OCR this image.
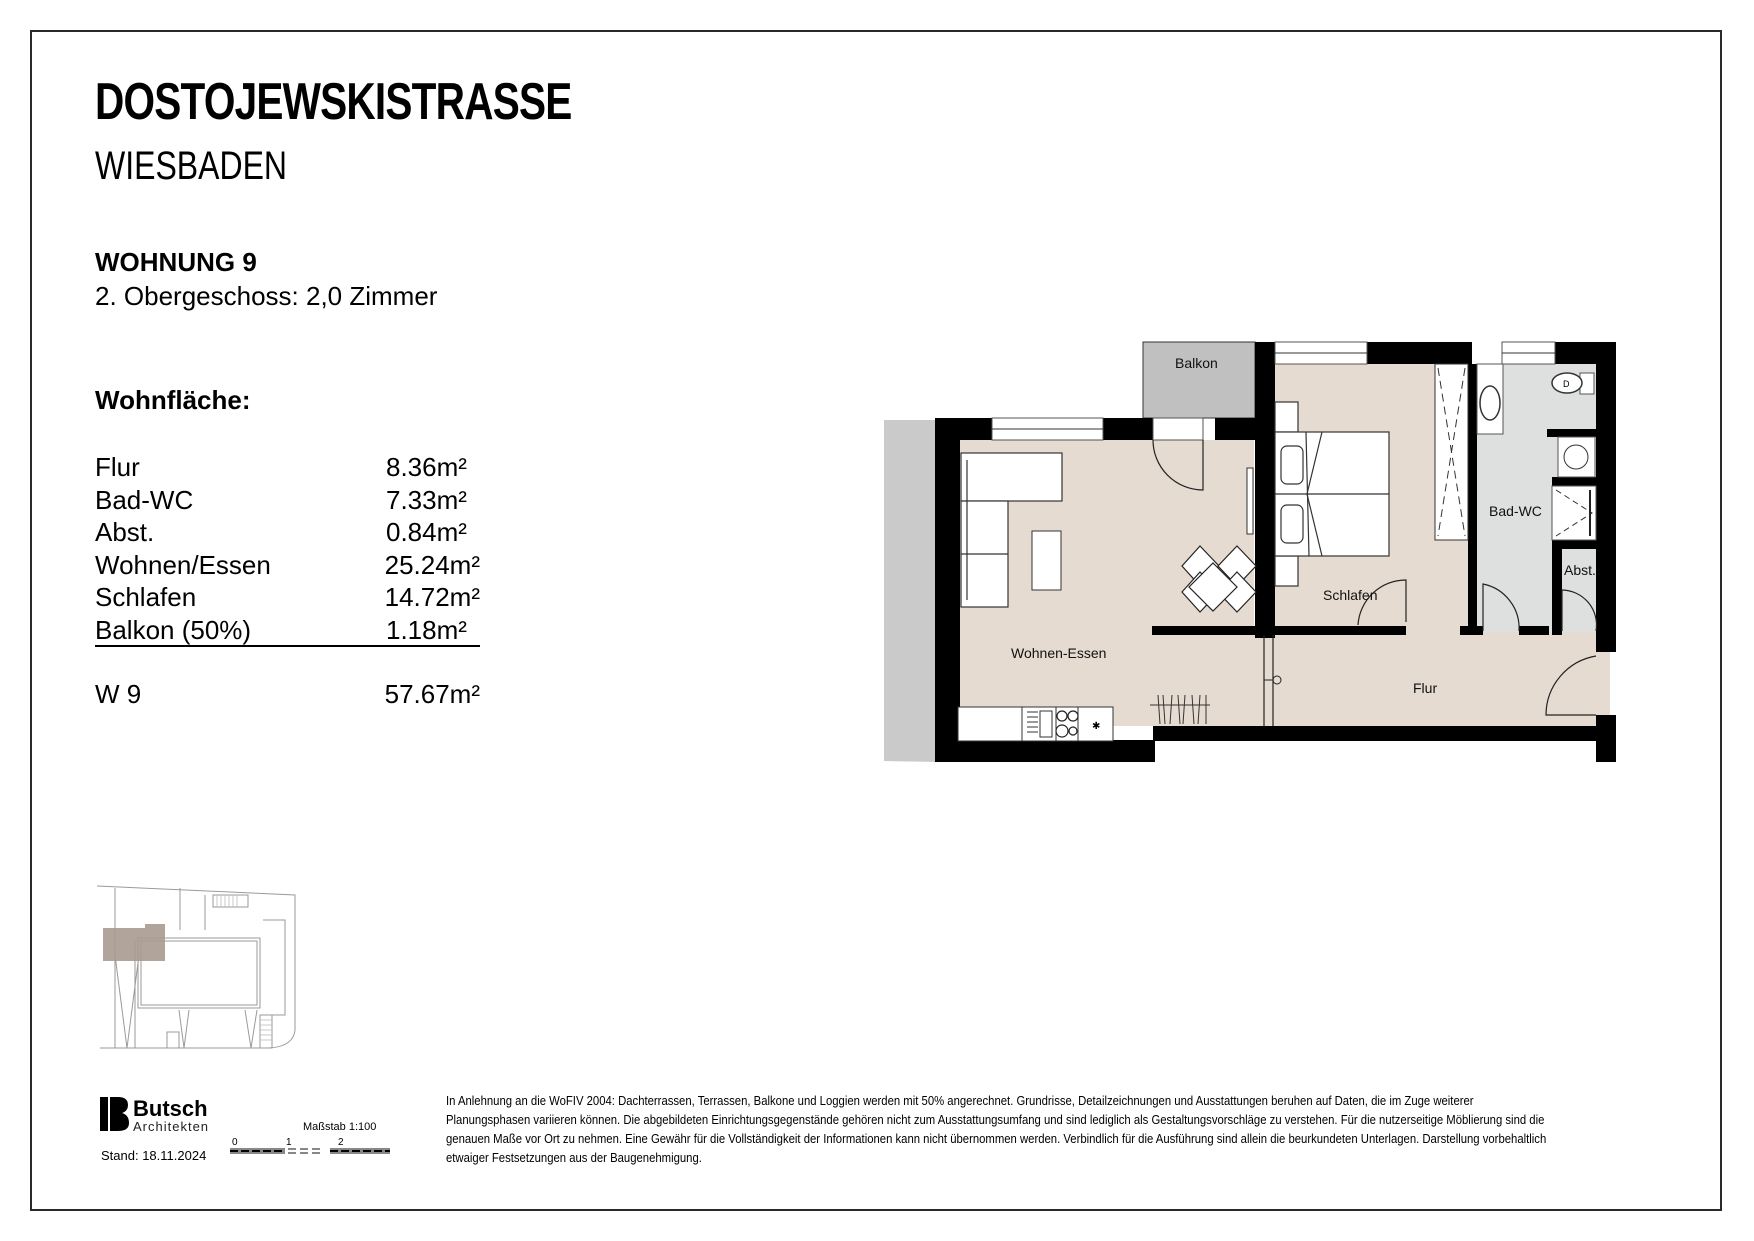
DOSTOJEWSKISTRASSE
WIESBADEN
WOHNUNG 9
2. Obergeschoss: 2,0 Zimmer
Wohnfläche:
Flur	8.36m²
Bad-WC	7.33m²
Abst.	0.84m²
Wohnen/Essen	25.24m²
Schlafen	14.72m²
Balkon (50%)	1.18m²
W 9	57.67m²
✱
D
Balkon
Wohnen-Essen
Schlafen
Bad-WC
Abst.
Flur
Butsch
Architekten
Stand: 18.11.2024
Maßstab 1:100
0	1	2
In Anlehnung an die WoFIV 2004: Dachterrassen, Terrassen, Balkone und Loggien werden mit 50% angerechnet. Grundrisse, Detailzeichnungen und Ausstattungen beruhen auf Daten, die im Zuge weiterer
Planungsphasen variieren können. Die abgebildeten Einrichtungsgegenstände gehören nicht zum Ausstattungsumfang und sind lediglich als Gestaltungsvorschläge zu verstehen. Für die nutzerseitige Möblierung sind die
genauen Maße vor Ort zu nehmen. Eine Gewähr für die Vollständigkeit der Informationen kann nicht übernommen werden. Verbindlich für die Ausführung sind allein die beurkundeten Unterlagen. Darstellung vorbehaltlich
etwaiger Festsetzungen aus der Baugenehmigung.
